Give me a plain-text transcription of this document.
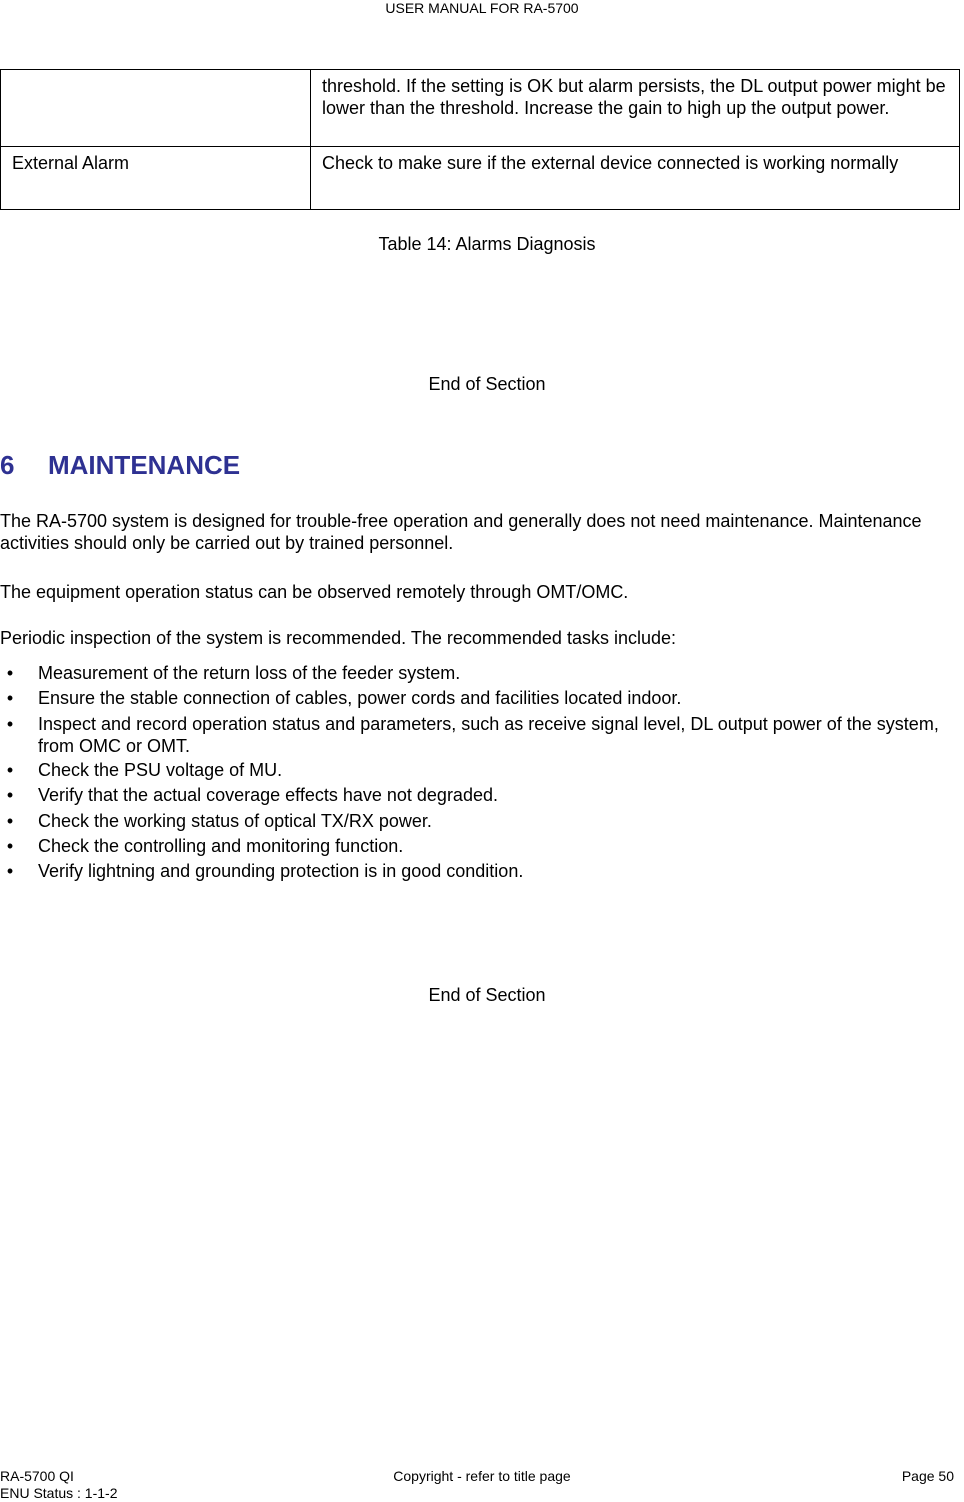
USER MANUAL FOR RA-5700
	threshold. If the setting is OK but alarm persists, the DL output power might be lower than the threshold. Increase the gain to high up the output power.
External Alarm	Check to make sure if the external device connected is working normally
Table 14: Alarms Diagnosis
End of Section
6 MAINTENANCE
The RA-5700 system is designed for trouble-free operation and generally does not need maintenance. Maintenance activities should only be carried out by trained personnel.
The equipment operation status can be observed remotely through OMT/OMC.
Periodic inspection of the system is recommended. The recommended tasks include:
•	Measurement of the return loss of the feeder system.
•	Ensure the stable connection of cables, power cords and facilities located indoor.
•	Inspect and record operation status and parameters, such as receive signal level, DL output power of the system, from OMC or OMT.
•	Check the PSU voltage of MU.
•	Verify that the actual coverage effects have not degraded.
•	Check the working status of optical TX/RX power.
•	Check the controlling and monitoring function.
•	Verify lightning and grounding protection is in good condition.
End of Section
RA-5700 QI
ENU Status : 1-1-2
Copyright - refer to title page	Page 50
